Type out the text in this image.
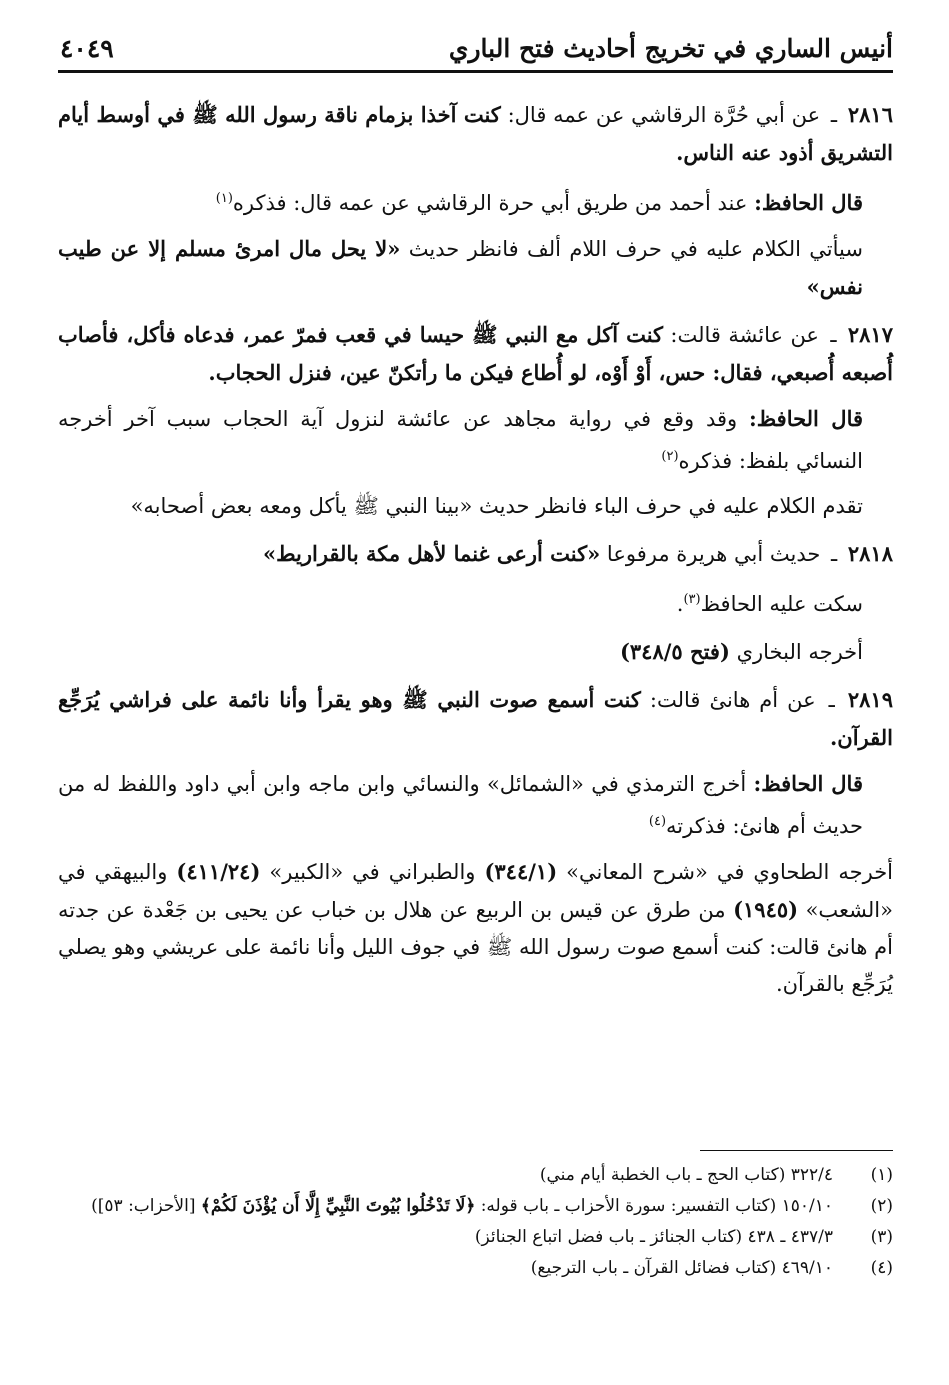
أنيس الساري في تخريج أحاديث فتح الباري
٤٠٤٩
٢٨١٦ ـ عن أبي حُرَّة الرقاشي عن عمه قال: كنت آخذا بزمام ناقة رسول الله ﷺ في أوسط أيام التشريق أذود عنه الناس.
قال الحافظ: عند أحمد من طريق أبي حرة الرقاشي عن عمه قال: فذكره$^{(١)}$
سيأتي الكلام عليه في حرف اللام ألف فانظر حديث «لا يحل مال امرئ مسلم إلا عن طيب نفس»
٢٨١٧ ـ عن عائشة قالت: كنت آكل مع النبي ﷺ حيسا في قعب فمرّ عمر، فدعاه فأكل، فأصاب أُصبعه أُصبعي، فقال: حس، أَوْ أَوْه، لو أُطاع فيكن ما رأتكنّ عين، فنزل الحجاب.
قال الحافظ: وقد وقع في رواية مجاهد عن عائشة لنزول آية الحجاب سبب آخر أخرجه النسائي بلفظ: فذكره$^{(٢)}$
تقدم الكلام عليه في حرف الباء فانظر حديث «بينا النبي ﷺ يأكل ومعه بعض أصحابه»
٢٨١٨ ـ حديث أبي هريرة مرفوعا «كنت أرعى غنما لأهل مكة بالقراريط»
سكت عليه الحافظ$^{(٣)}$.
أخرجه البخاري (فتح ٣٤٨/٥)
٢٨١٩ ـ عن أم هانئ قالت: كنت أسمع صوت النبي ﷺ وهو يقرأ وأنا نائمة على فراشي يُرَجِّع القرآن.
قال الحافظ: أخرج الترمذي في «الشمائل» والنسائي وابن ماجه وابن أبي داود واللفظ له من حديث أم هانئ: فذكرته$^{(٤)}$
أخرجه الطحاوي في «شرح المعاني» (٣٤٤/١) والطبراني في «الكبير» (٤١١/٢٤) والبيهقي في «الشعب» (١٩٤٥) من طرق عن قيس بن الربيع عن هلال بن خباب عن يحيى بن جَعْدة عن جدته أم هانئ قالت: كنت أسمع صوت رسول الله ﷺ في جوف الليل وأنا نائمة على عريشي وهو يصلي يُرَجِّع بالقرآن.
(١)
٣٢٢/٤ (كتاب الحج ـ باب الخطبة أيام مني)
(٢)
١٥٠/١٠ (كتاب التفسير: سورة الأحزاب ـ باب قوله: ﴿لَا تَدْخُلُوا بُيُوتَ النَّبِيِّ إِلَّا أَن يُؤْذَنَ لَكُمْ﴾ [الأحزاب: ٥٣])
(٣)
٤٣٧/٣ ـ ٤٣٨ (كتاب الجنائز ـ باب فضل اتباع الجنائز)
(٤)
٤٦٩/١٠ (كتاب فضائل القرآن ـ باب الترجيع)
